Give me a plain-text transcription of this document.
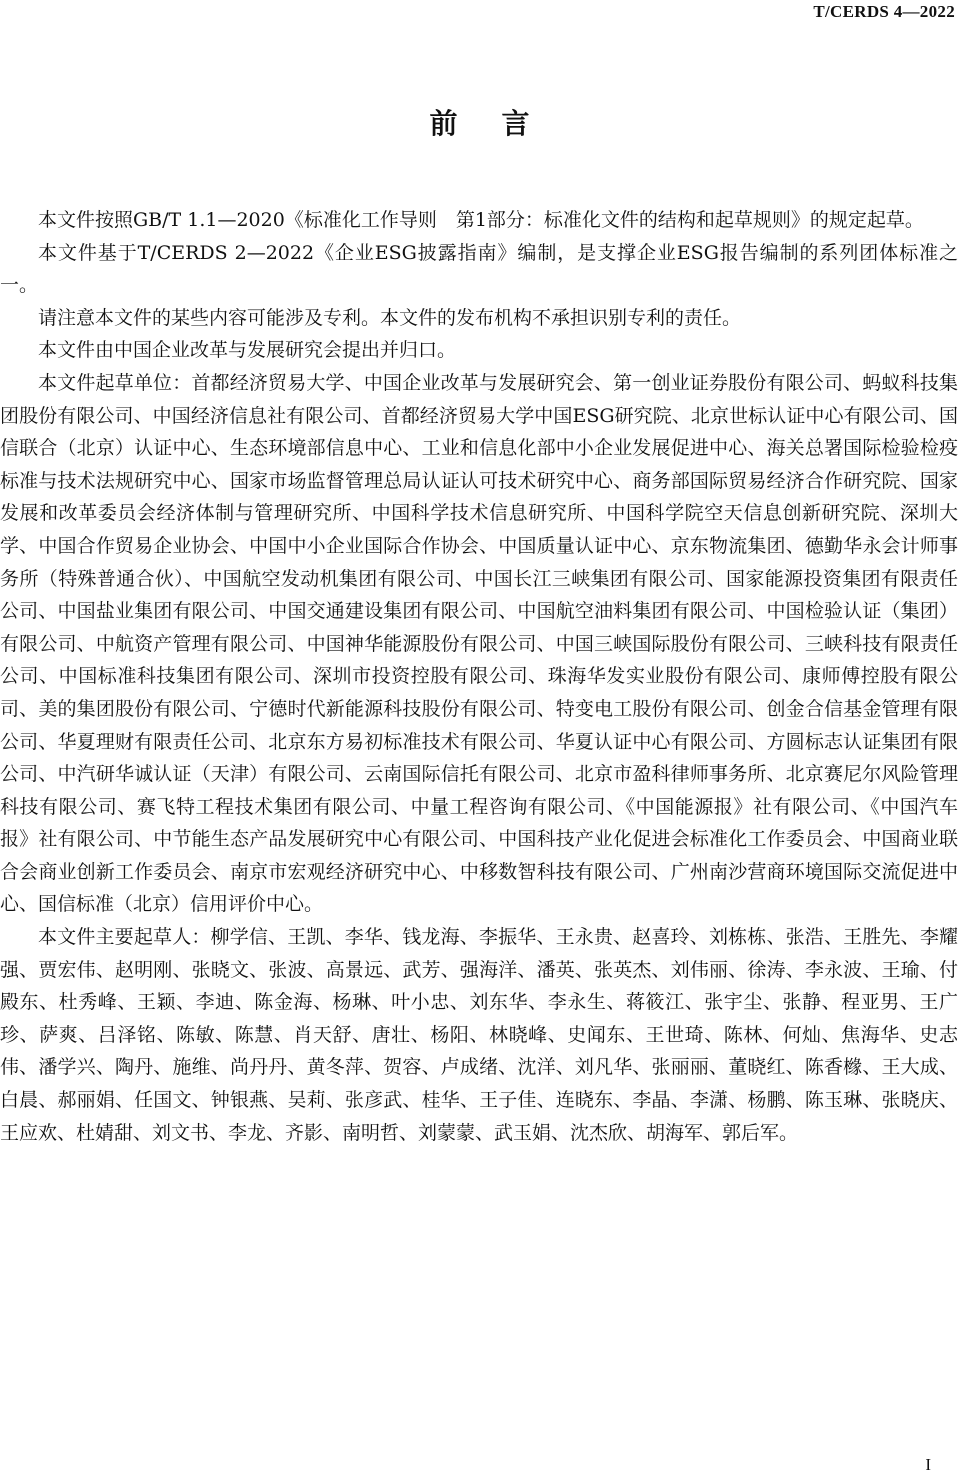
T/CERDS 4—2022
前言

本文件按照GB/T 1.1—2020《标准化工作导则　第1部分：标准化文件的结构和起草规则》的规定起草。

本文件基于T/CERDS 2—2022《企业ESG披露指南》编制，是支撑企业ESG报告编制的系列团体标准之一。

请注意本文件的某些内容可能涉及专利。本文件的发布机构不承担识别专利的责任。

本文件由中国企业改革与发展研究会提出并归口。

本文件起草单位：首都经济贸易大学、中国企业改革与发展研究会、第一创业证券股份有限公司、蚂蚁科技集团股份有限公司、中国经济信息社有限公司、首都经济贸易大学中国ESG研究院、北京世标认证中心有限公司、国信联合（北京）认证中心、生态环境部信息中心、工业和信息化部中小企业发展促进中心、海关总署国际检验检疫标准与技术法规研究中心、国家市场监督管理总局认证认可技术研究中心、商务部国际贸易经济合作研究院、国家发展和改革委员会经济体制与管理研究所、中国科学技术信息研究所、中国科学院空天信息创新研究院、深圳大学、中国合作贸易企业协会、中国中小企业国际合作协会、中国质量认证中心、京东物流集团、德勤华永会计师事务所（特殊普通合伙）、中国航空发动机集团有限公司、中国长江三峡集团有限公司、国家能源投资集团有限责任公司、中国盐业集团有限公司、中国交通建设集团有限公司、中国航空油料集团有限公司、中国检验认证（集团）有限公司、中航资产管理有限公司、中国神华能源股份有限公司、中国三峡国际股份有限公司、三峡科技有限责任公司、中国标准科技集团有限公司、深圳市投资控股有限公司、珠海华发实业股份有限公司、康师傅控股有限公司、美的集团股份有限公司、宁德时代新能源科技股份有限公司、特变电工股份有限公司、创金合信基金管理有限公司、华夏理财有限责任公司、北京东方易初标准技术有限公司、华夏认证中心有限公司、方圆标志认证集团有限公司、中汽研华诚认证（天津）有限公司、云南国际信托有限公司、北京市盈科律师事务所、北京赛尼尔风险管理科技有限公司、赛飞特工程技术集团有限公司、中量工程咨询有限公司、《中国能源报》社有限公司、《中国汽车报》社有限公司、中节能生态产品发展研究中心有限公司、中国科技产业化促进会标准化工作委员会、中国商业联合会商业创新工作委员会、南京市宏观经济研究中心、中移数智科技有限公司、广州南沙营商环境国际交流促进中心、国信标准（北京）信用评价中心。

本文件主要起草人：柳学信、王凯、李华、钱龙海、李振华、王永贵、赵喜玲、刘栋栋、张浩、王胜先、李耀强、贾宏伟、赵明刚、张晓文、张波、高景远、武芳、强海洋、潘英、张英杰、刘伟丽、徐涛、李永波、王瑜、付殿东、杜秀峰、王颖、李迪、陈金海、杨琳、叶小忠、刘东华、李永生、蒋筱江、张宇尘、张静、程亚男、王广珍、萨爽、吕泽铭、陈敏、陈慧、肖天舒、唐壮、杨阳、林晓峰、史闻东、王世琦、陈林、何灿、焦海华、史志伟、潘学兴、陶丹、施维、尚丹丹、黄冬萍、贺容、卢成绪、沈洋、刘凡华、张丽丽、董晓红、陈香橼、王大成、白晨、郝丽娟、任国文、钟银燕、吴莉、张彦武、桂华、王子佳、连晓东、李晶、李潇、杨鹏、陈玉琳、张晓庆、王应欢、杜婧甜、刘文书、李龙、齐影、南明哲、刘蒙蒙、武玉娟、沈杰欣、胡海军、郭后军。

I
